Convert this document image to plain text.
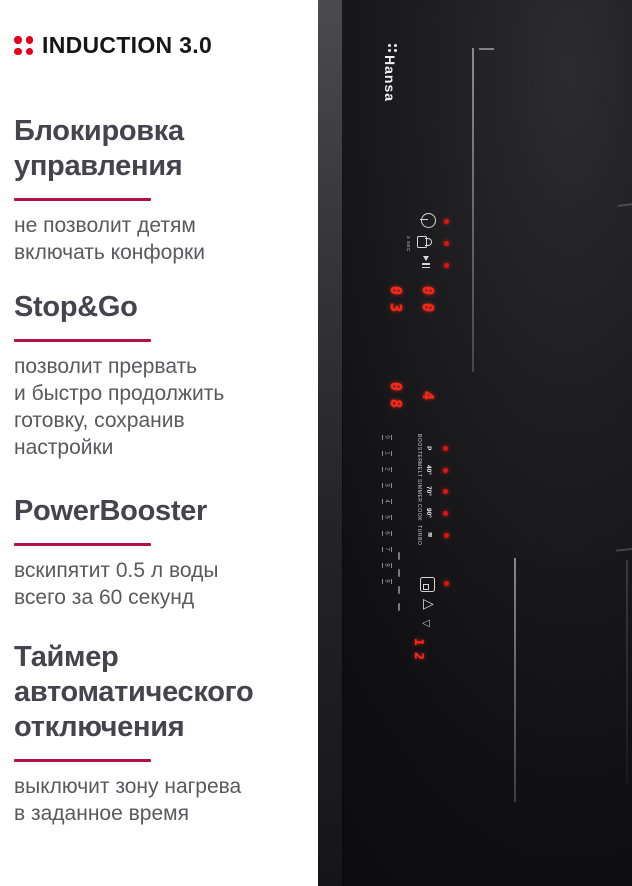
INDUCTION 3.0
Блокировка
управления
не позволит детям
включать конфорки
Stop&Go
позволит прервать
и быстро продолжить
готовку, сохранив
настройки
PowerBooster
вскипятит 0.5 л воды
всего за 60 секунд
Таймер
автоматического
отключения
выключит зону нагрева
в заданное время
Hansa
3 SEC
0
3
0
0
0
8
4
1
2
BOOSTER P
MELT 40°
SIMMER 70°
COOK 90°
TURBO ≋
0
1
2
3
4
5
6
7
8
9
▷
◁
